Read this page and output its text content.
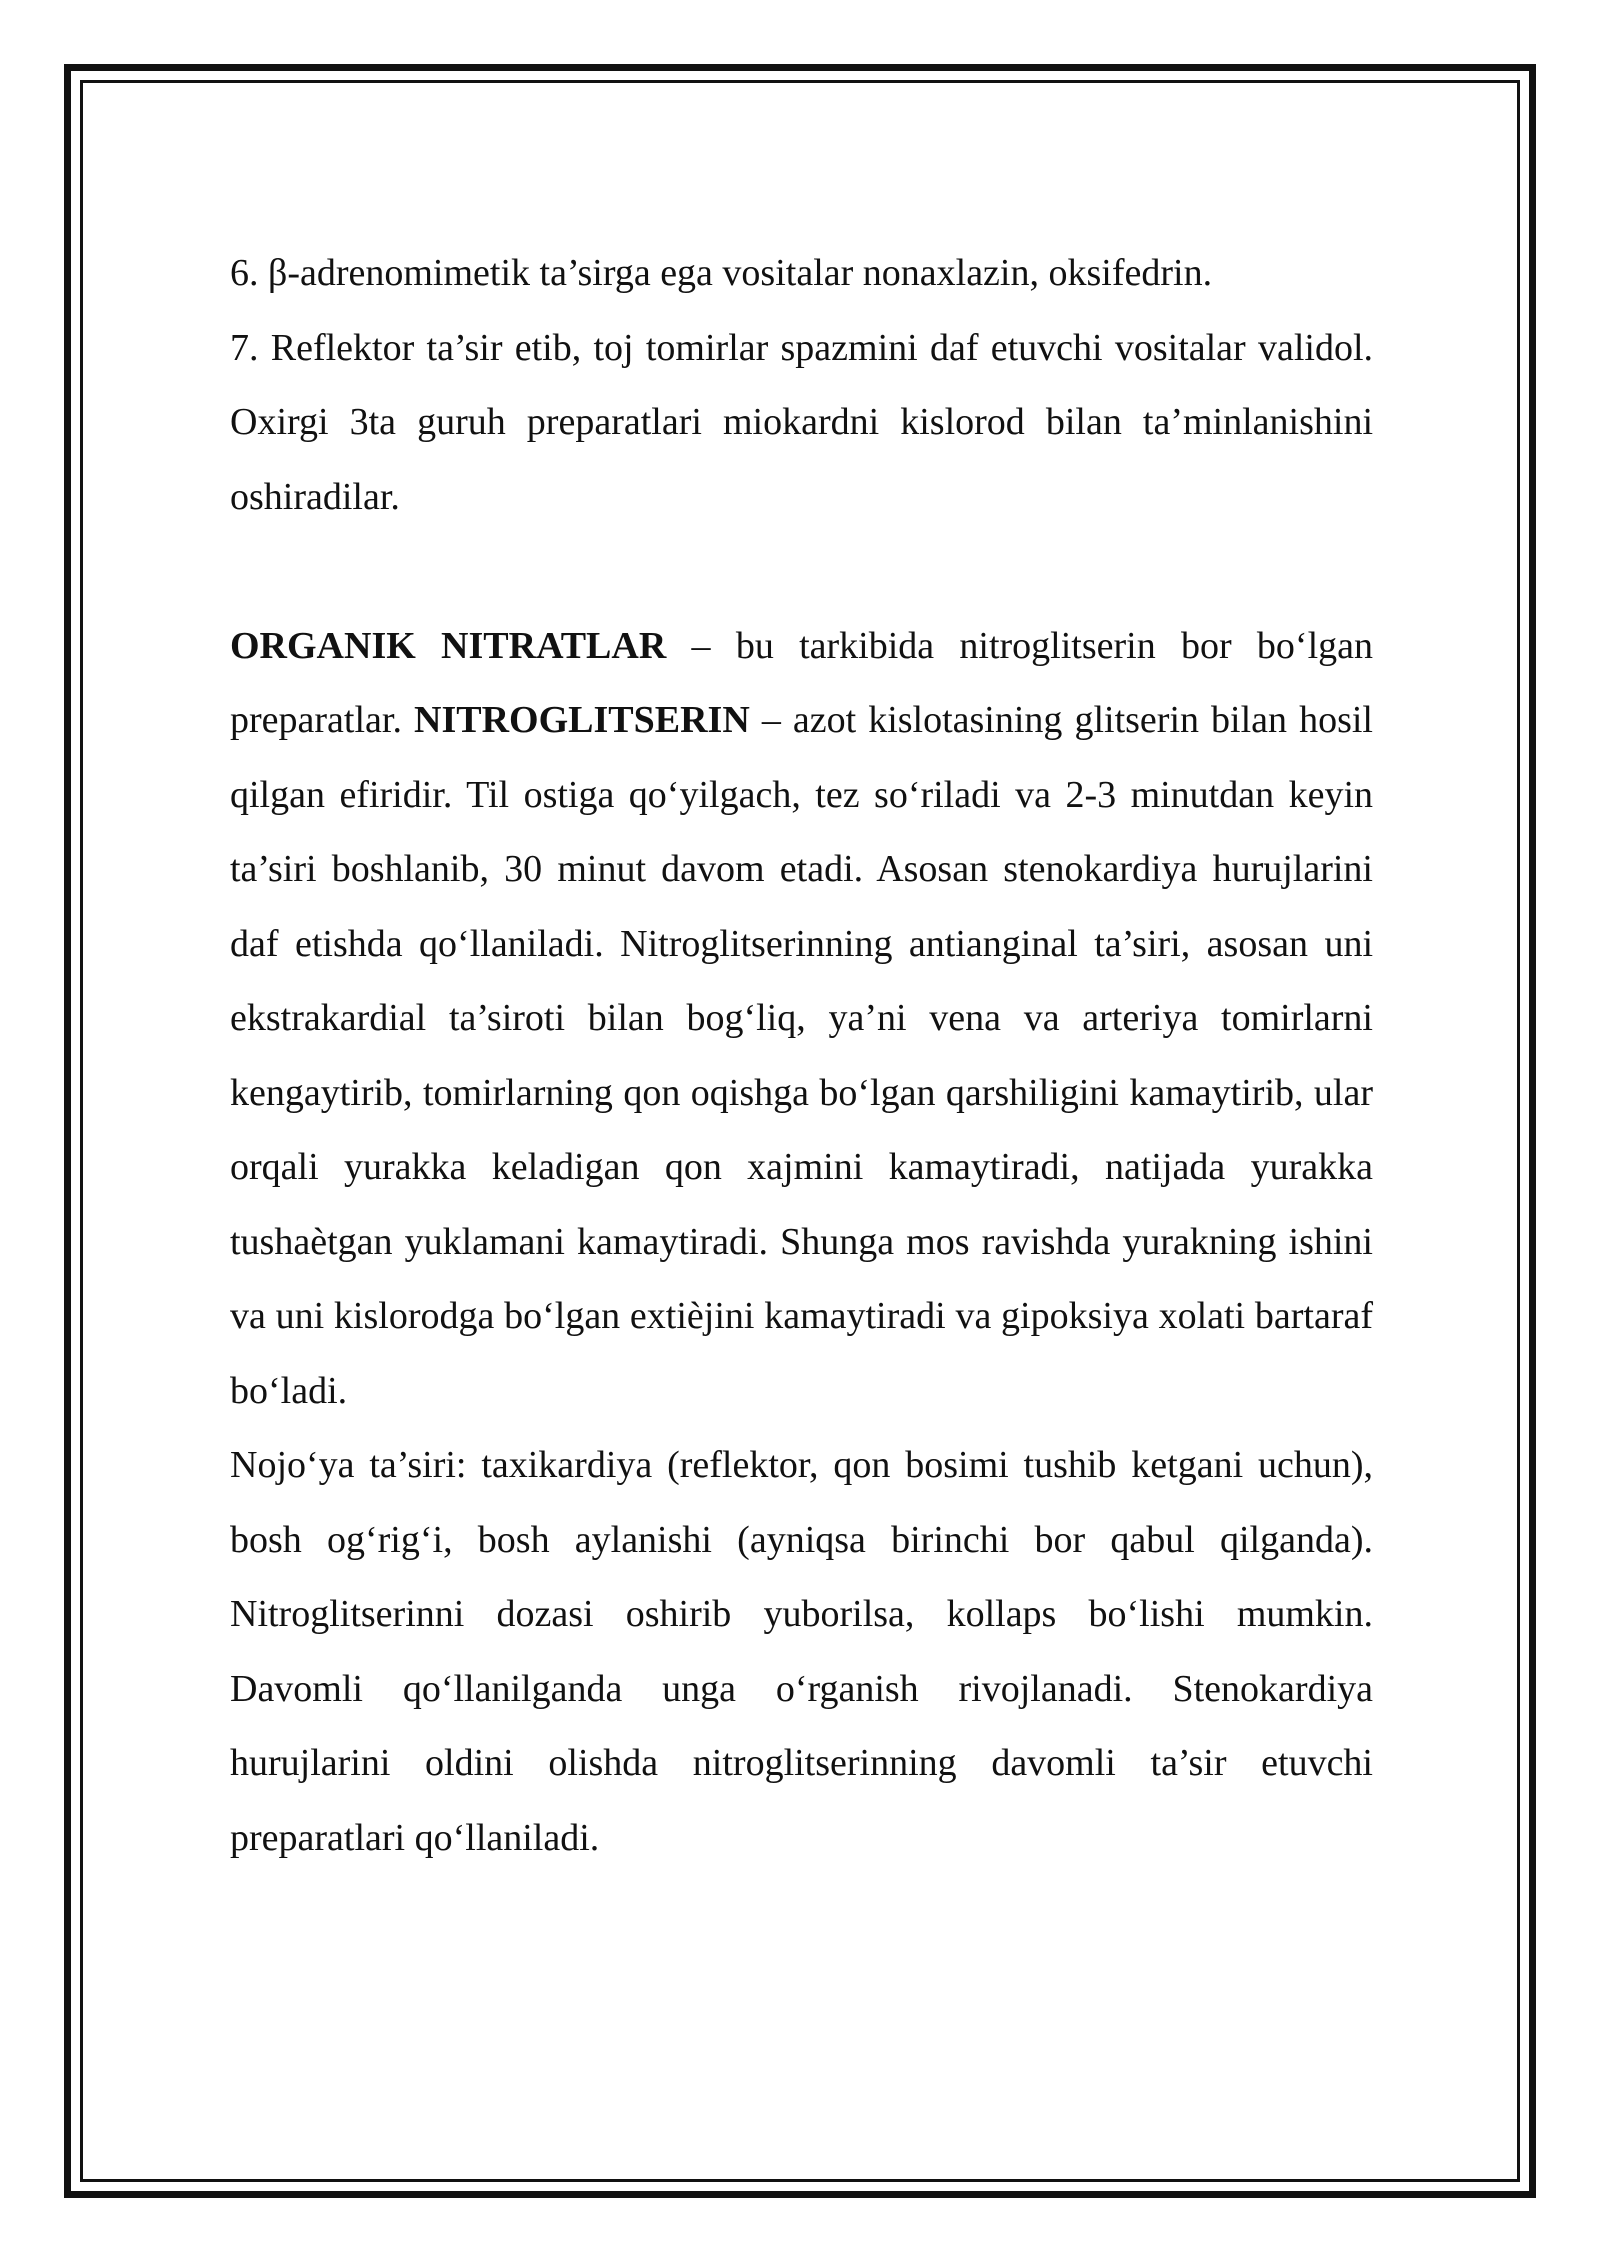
6. β-adrenomimetik ta’sirga ega vositalar nonaxlazin, oksifedrin.

7. Reflektor ta’sir etib, toj tomirlar spazmini daf etuvchi vositalar validol. Oxirgi 3ta guruh preparatlari miokardni kislorod bilan ta’minlanishini oshiradilar.

ORGANIK NITRATLAR – bu tarkibida nitroglitserin bor bo‘lgan preparatlar. NITROGLITSERIN – azot kislotasining glitserin bilan hosil qilgan efiridir. Til ostiga qo‘yilgach, tez so‘riladi va 2-3 minutdan keyin ta’siri boshlanib, 30 minut davom etadi. Asosan stenokardiya hurujlarini daf etishda qo‘llaniladi. Nitroglitserinning antianginal ta’siri, asosan uni ekstrakardial ta’siroti bilan bog‘liq, ya’ni vena va arteriya tomirlarni kengaytirib, tomirlarning qon oqishga bo‘lgan qarshiligini kamaytirib, ular orqali yurakka keladigan qon xajmini kamaytiradi, natijada yurakka tushaètgan yuklamani kamaytiradi. Shunga mos ravishda yurakning ishini va uni kislorodga bo‘lgan extièjini kamaytiradi va gipoksiya xolati bartaraf bo‘ladi.

Nojo‘ya ta’siri: taxikardiya (reflektor, qon bosimi tushib ketgani uchun), bosh og‘rig‘i, bosh aylanishi (ayniqsa birinchi bor qabul qilganda). Nitroglitserinni dozasi oshirib yuborilsa, kollaps bo‘lishi mumkin. Davomli qo‘llanilganda unga o‘rganish rivojlanadi. Stenokardiya hurujlarini oldini olishda nitroglitserinning davomli ta’sir etuvchi preparatlari qo‘llaniladi.
